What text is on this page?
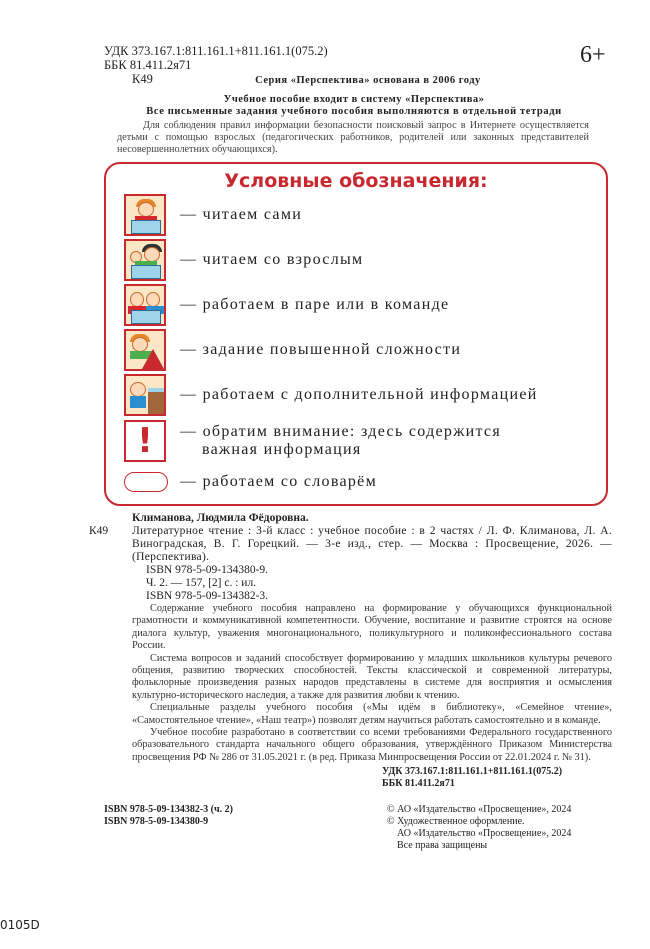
УДК 373.167.1:811.161.1+811.161.1(075.2)
ББК 81.411.2я71
К49	Серия «Перспектива» основана в 2006 году
Учебное пособие входит в систему «Перспектива»
Все письменные задания учебного пособия выполняются в отдельной тетради
Для соблюдения правил информации безопасности поисковый запрос в Интернете осуществляется детьми с помощью взрослых (педагогических работников, родителей или законных представителей несовершеннолетних обучающихся).
6+
Условные обозначения:
— читаем сами
— читаем со взрослым
— работаем в паре или в команде
— задание повышенной сложности
— работаем с дополнительной информацией
!	— обратим внимание: здесь содержится
важная информация
— работаем со словарём
Климанова, Людмила Фёдоровна.
К49	Литературное чтение : 3-й класс : учебное пособие : в 2 частях / Л. Ф. Климанова, Л. А. Виноградская, В. Г. Горецкий. — 3-е изд., стер. — Москва : Просвещение, 2026. — (Перспектива).
ISBN 978-5-09-134380-9.
Ч. 2. — 157, [2] с. : ил.
ISBN 978-5-09-134382-3.

Содержание учебного пособия направлено на формирование у обучающихся функциональной грамотности и коммуникативной компетентности. Обучение, воспитание и развитие строятся на основе диалога культур, уважения многонационального, поликультурного и поликонфессионального состава России.

Система вопросов и заданий способствует формированию у младших школьников культуры речевого общения, развитию творческих способностей. Тексты классической и современной литературы, фольклорные произведения разных народов представлены в системе для восприятия и осмысления культурно-исторического наследия, а также для развития любви к чтению.

Специальные разделы учебного пособия («Мы идём в библиотеку», «Семейное чтение», «Самостоятельное чтение», «Наш театр») позволят детям научиться работать самостоятельно и в команде.

Учебное пособие разработано в соответствии со всеми требованиями Федерального государственного образовательного стандарта начального общего образования, утверждённого Приказом Министерства просвещения РФ № 286 от 31.05.2021 г. (в ред. Приказа Минпросвещения России от 22.01.2024 г. № 31).

УДК 373.167.1:811.161.1+811.161.1(075.2)
ББК 81.411.2я71
ISBN 978-5-09-134382-3 (ч. 2)
ISBN 978-5-09-134380-9
© АО «Издательство «Просвещение», 2024
© Художественное оформление.
АО «Издательство «Просвещение», 2024
Все права защищены
0105D
